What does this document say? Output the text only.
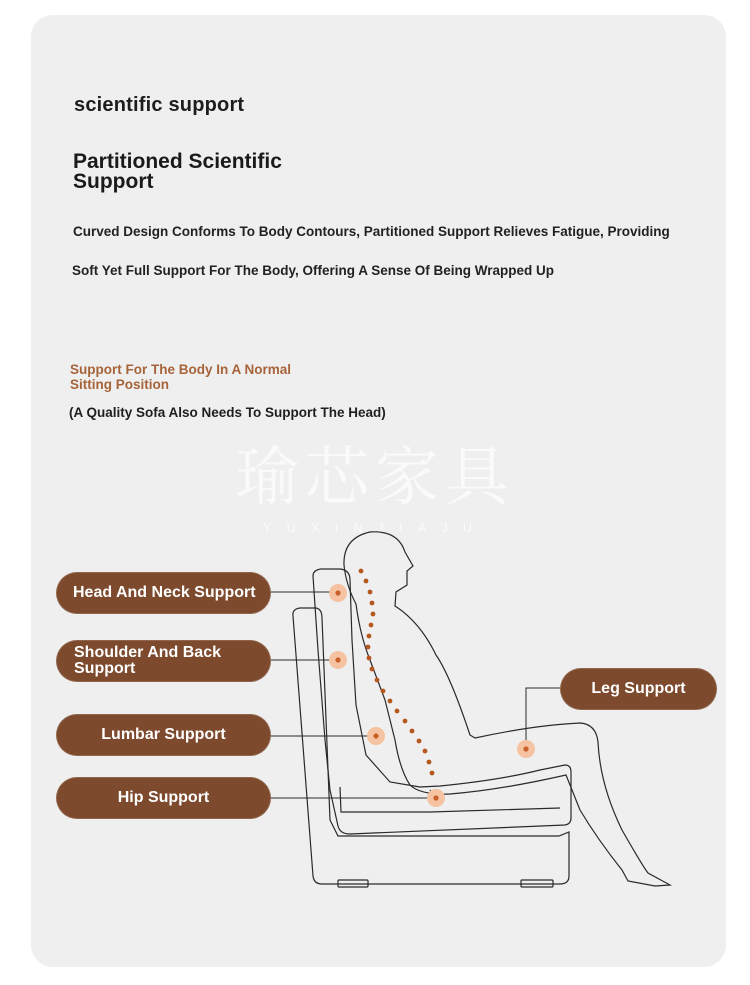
scientific support
Partitioned Scientific Support
Curved Design Conforms To Body Contours, Partitioned Support Relieves Fatigue, Providing
Soft Yet Full Support For The Body, Offering A Sense Of Being Wrapped Up
Support For The Body In A Normal Sitting Position
(A Quality Sofa Also Needs To Support The Head)
瑜芯家具
YUXINJIAJU
Head And Neck Support
Shoulder And Back Support
Lumbar Support
Hip Support
Leg Support
